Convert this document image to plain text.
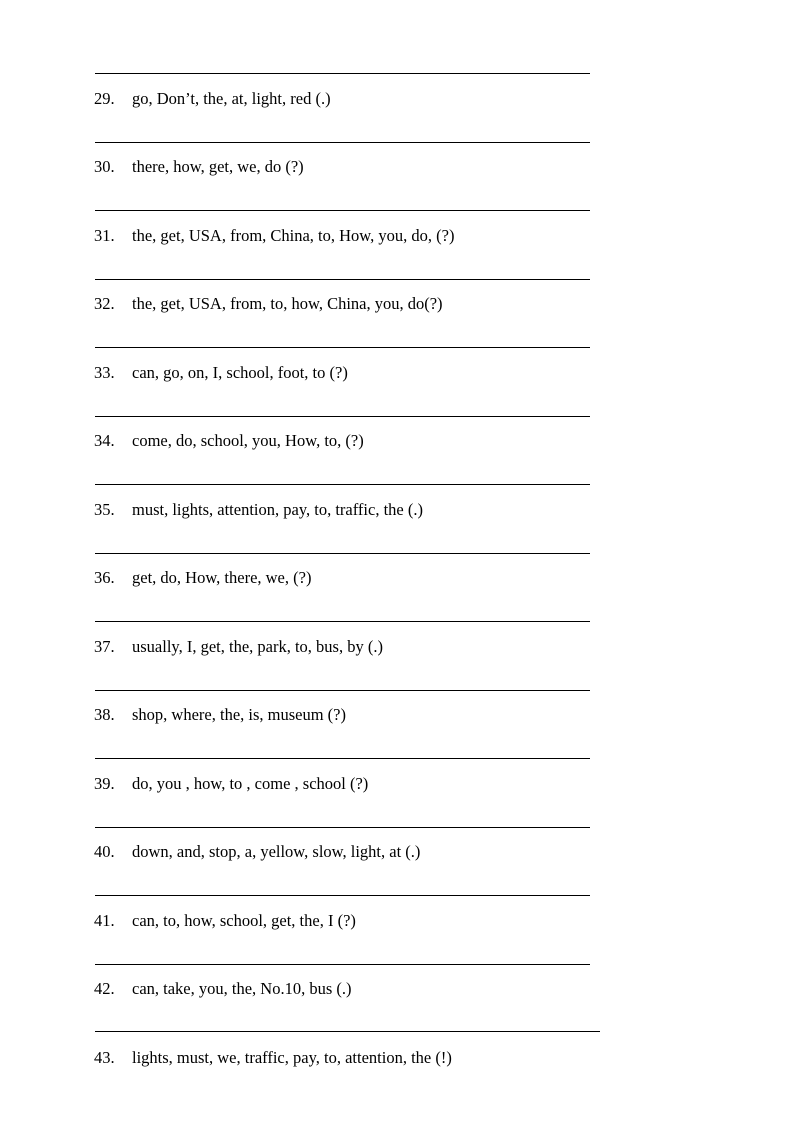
29. go, Don’t, the, at, light, red (.)
30. there, how, get, we, do (?)
31. the, get, USA, from, China, to, How, you, do, (?)
32. the, get, USA, from, to, how, China, you, do(?)
33. can, go, on, I, school, foot, to (?)
34. come, do, school, you, How, to, (?)
35. must, lights, attention, pay, to, traffic, the (.)
36. get, do, How, there, we, (?)
37. usually, I, get, the, park, to, bus, by (.)
38. shop, where, the, is, museum (?)
39. do, you , how, to , come , school (?)
40. down, and, stop, a, yellow, slow, light, at (.)
41. can, to, how, school, get, the, I (?)
42. can, take, you, the, No.10, bus (.)
43. lights, must, we, traffic, pay, to, attention, the (!)
